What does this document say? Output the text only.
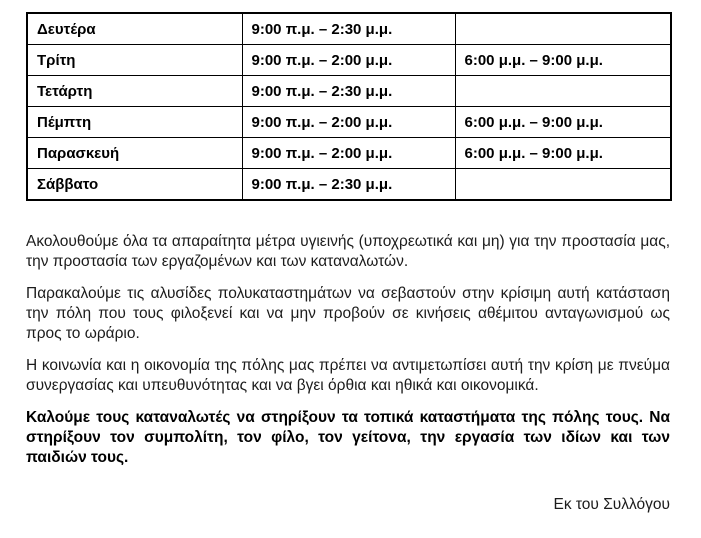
Δευτέρα	9:00 π.μ. – 2:30 μ.μ.	
Τρίτη	9:00 π.μ. – 2:00 μ.μ.	6:00 μ.μ. – 9:00 μ.μ.
Τετάρτη	9:00 π.μ. – 2:30 μ.μ.	
Πέμπτη	9:00 π.μ. – 2:00 μ.μ.	6:00 μ.μ. – 9:00 μ.μ.
Παρασκευή	9:00 π.μ. – 2:00 μ.μ.	6:00 μ.μ. – 9:00 μ.μ.
Σάββατο	9:00 π.μ. – 2:30 μ.μ.	

Ακολουθούμε όλα τα απαραίτητα μέτρα υγιεινής (υποχρεωτικά και μη) για την προστασία μας, την προστασία των εργαζομένων και των καταναλωτών.

Παρακαλούμε τις αλυσίδες πολυκαταστημάτων να σεβαστούν στην κρίσιμη αυτή κατάσταση την πόλη που τους φιλοξενεί και να μην προβούν σε κινήσεις αθέμιτου ανταγωνισμού ως προς το ωράριο.

Η κοινωνία και η οικονομία της πόλης μας πρέπει να αντιμετωπίσει αυτή την κρίση με πνεύμα συνεργασίας και υπευθυνότητας και να βγει όρθια και ηθικά και οικονομικά.

Καλούμε τους καταναλωτές να στηρίξουν τα τοπικά καταστήματα της πόλης τους. Να στηρίξουν τον συμπολίτη, τον φίλο, τον γείτονα, την εργασία των ιδίων και των παιδιών τους.

Εκ του Συλλόγου
